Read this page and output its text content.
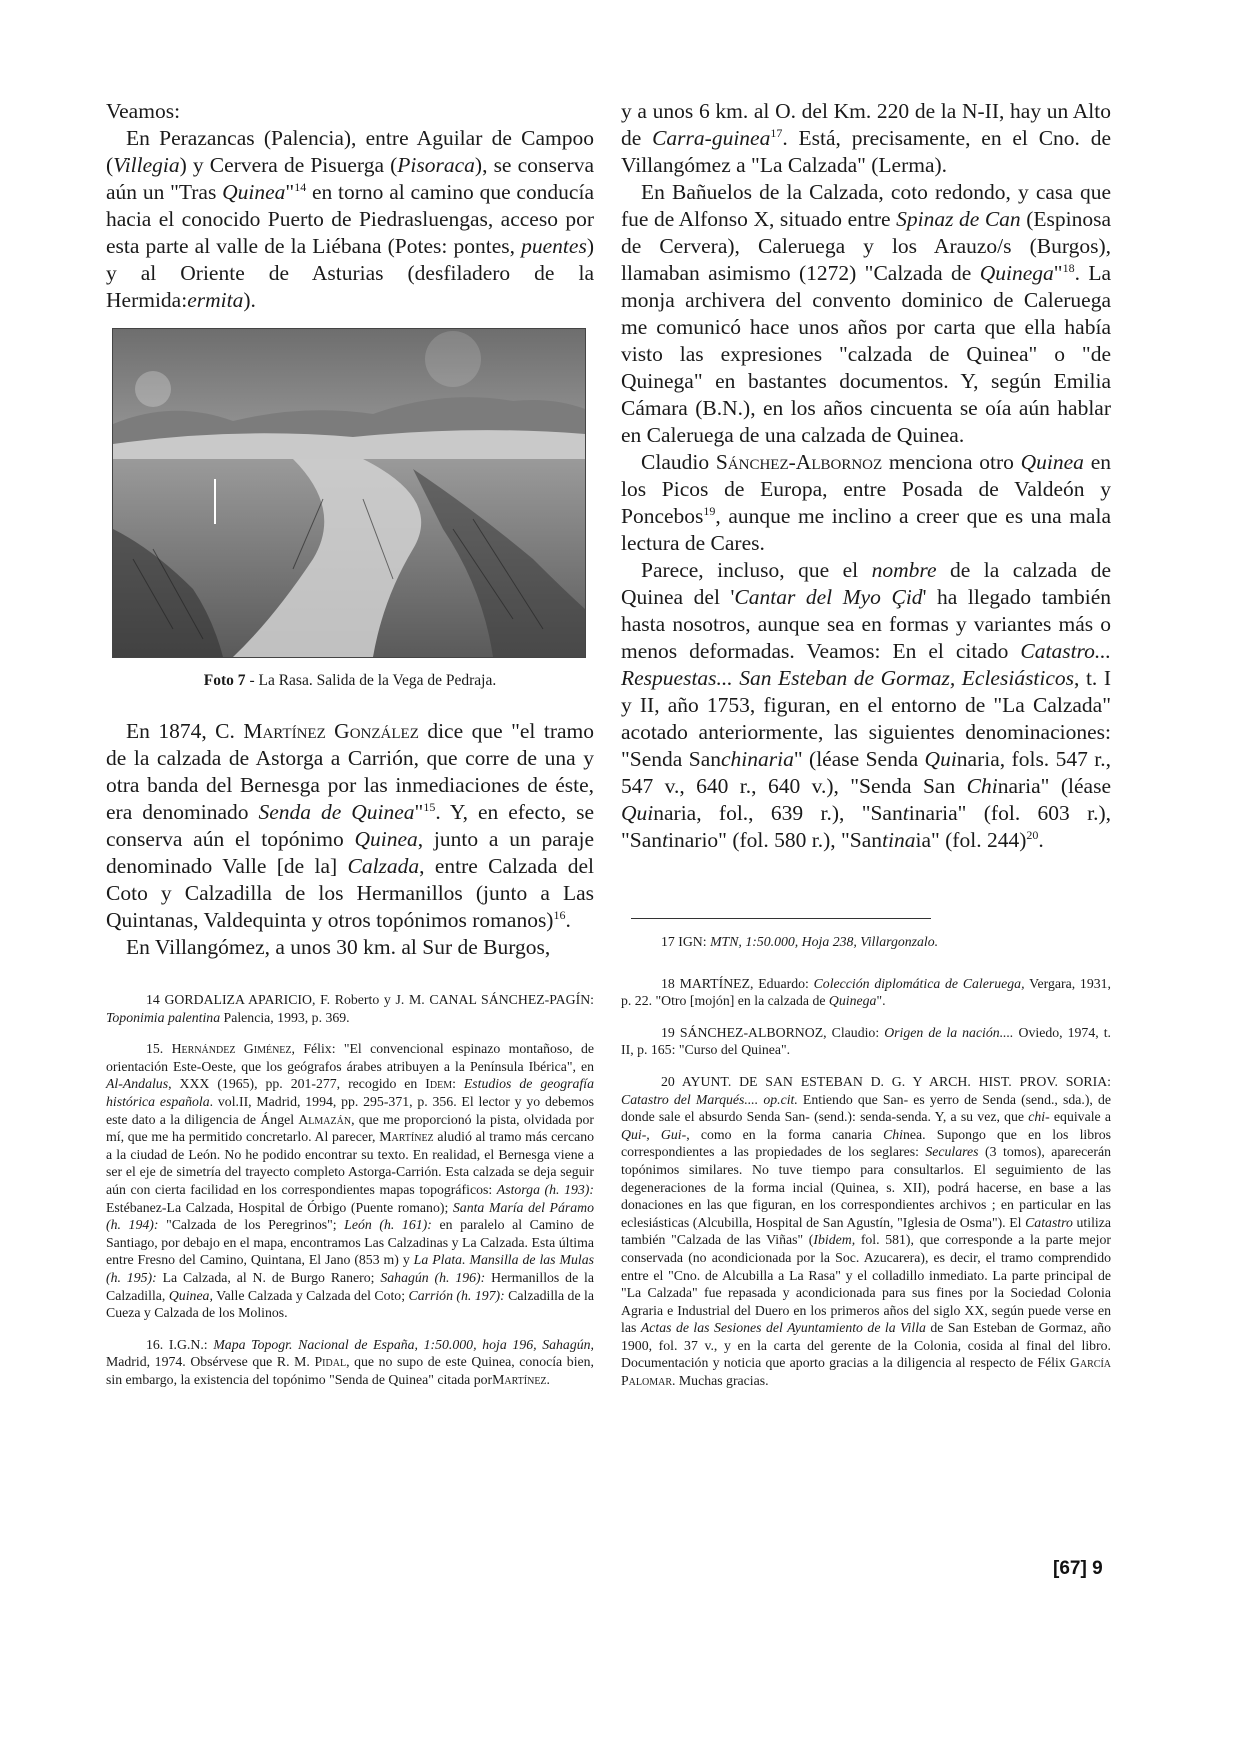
Veamos:

En Perazancas (Palencia), entre Aguilar de Campoo (Villegia) y Cervera de Pisuerga (Pisoraca), se conserva aún un "Tras Quinea"$^{14}$ en torno al camino que conducía hacia el conocido Puerto de Piedrasluengas, acceso por esta parte al valle de la Liébana (Potes: pontes, puentes) y al Oriente de Asturias (desfiladero de la Hermida:ermita).

Foto 7 - La Rasa. Salida de la Vega de Pedraja.

En 1874, C. Martínez González dice que "el tramo de la calzada de Astorga a Carrión, que corre de una y otra banda del Bernesga por las inmediaciones de éste, era denominado Senda de Quinea"$^{15}$. Y, en efecto, se conserva aún el topónimo Quinea, junto a un paraje denominado Valle [de la] Calzada, entre Calzada del Coto y Calzadilla de los Hermanillos (junto a Las Quintanas, Valdequinta y otros topónimos romanos)$^{16}$.

En Villangómez, a unos 30 km. al Sur de Burgos,

14 GORDALIZA APARICIO, F. Roberto y J. M. CANAL SÁNCHEZ-PAGÍN: Toponimia palentina Palencia, 1993, p. 369.

15. Hernández Giménez, Félix: "El convencional espinazo montañoso, de orientación Este-Oeste, que los geógrafos árabes atribuyen a la Península Ibérica", en Al-Andalus, XXX (1965), pp. 201-277, recogido en Idem: Estudios de geografía histórica española. vol.II, Madrid, 1994, pp. 295-371, p. 356. El lector y yo debemos este dato a la diligencia de Ángel Almazán, que me proporcionó la pista, olvidada por mí, que me ha permitido concretarlo. Al parecer, Martínez aludió al tramo más cercano a la ciudad de León. No he podido encontrar su texto. En realidad, el Bernesga viene a ser el eje de simetría del trayecto completo Astorga-Carrión. Esta calzada se deja seguir aún con cierta facilidad en los correspondientes mapas topográficos: Astorga (h. 193): Estébanez-La Calzada, Hospital de Órbigo (Puente romano); Santa María del Páramo (h. 194): "Calzada de los Peregrinos"; León (h. 161): en paralelo al Camino de Santiago, por debajo en el mapa, encontramos Las Calzadinas y La Calzada. Esta última entre Fresno del Camino, Quintana, El Jano (853 m) y La Plata. Mansilla de las Mulas (h. 195): La Calzada, al N. de Burgo Ranero; Sahagún (h. 196): Hermanillos de la Calzadilla, Quinea, Valle Calzada y Calzada del Coto; Carrión (h. 197): Calzadilla de la Cueza y Calzada de los Molinos.

16. I.G.N.: Mapa Topogr. Nacional de España, 1:50.000, hoja 196, Sahagún, Madrid, 1974. Obsérvese que R. M. Pidal, que no supo de este Quinea, conocía bien, sin embargo, la existencia del topónimo "Senda de Quinea" citada porMartínez.

y a unos 6 km. al O. del Km. 220 de la N-II, hay un Alto de Carra-guinea$^{17}$. Está, precisamente, en el Cno. de Villangómez a "La Calzada" (Lerma).

En Bañuelos de la Calzada, coto redondo, y casa que fue de Alfonso X, situado entre Spinaz de Can (Espinosa de Cervera), Caleruega y los Arauzo/s (Burgos), llamaban asimismo (1272) "Calzada de Quinega"$^{18}$. La monja archivera del convento dominico de Caleruega me comunicó hace unos años por carta que ella había visto las expresiones "calzada de Quinea" o "de Quinega" en bastantes documentos. Y, según Emilia Cámara (B.N.), en los años cincuenta se oía aún hablar en Caleruega de una calzada de Quinea.

Claudio Sánchez-Albornoz menciona otro Quinea en los Picos de Europa, entre Posada de Valdeón y Poncebos$^{19}$, aunque me inclino a creer que es una mala lectura de Cares.

Parece, incluso, que el nombre de la calzada de Quinea del 'Cantar del Myo Çid' ha llegado también hasta nosotros, aunque sea en formas y variantes más o menos deformadas. Veamos: En el citado Catastro... Respuestas... San Esteban de Gormaz, Eclesiásticos, t. I y II, año 1753, figuran, en el entorno de "La Calzada" acotado anteriormente, las siguientes denominaciones: "Senda Sanchinaria" (léase Senda Quinaria, fols. 547 r., 547 v., 640 r., 640 v.), "Senda San Chinaria" (léase Quinaria, fol., 639 r.), "Santinaria" (fol. 603 r.), "Santinario" (fol. 580 r.), "Santinaia" (fol. 244)$^{20}$.

17 IGN: MTN, 1:50.000, Hoja 238, Villargonzalo.

18 MARTÍNEZ, Eduardo: Colección diplomática de Caleruega, Vergara, 1931, p. 22. "Otro [mojón] en la calzada de Quinega".

19 SÁNCHEZ-ALBORNOZ, Claudio: Origen de la nación.... Oviedo, 1974, t. II, p. 165: "Curso del Quinea".

20 AYUNT. DE SAN ESTEBAN D. G. Y ARCH. HIST. PROV. SORIA: Catastro del Marqués.... op.cit. Entiendo que San- es yerro de Senda (send., sda.), de donde sale el absurdo Senda San- (send.): senda-senda. Y, a su vez, que chi- equivale a Qui-, Gui-, como en la forma canaria Chinea. Supongo que en los libros correspondientes a las propiedades de los seglares: Seculares (3 tomos), aparecerán topónimos similares. No tuve tiempo para consultarlos. El seguimiento de las degeneraciones de la forma incial (Quinea, s. XII), podrá hacerse, en base a las donaciones en las que figuran, en los correspondientes archivos ; en particular en las eclesiásticas (Alcubilla, Hospital de San Agustín, "Iglesia de Osma"). El Catastro utiliza también "Calzada de las Viñas" (Ibidem, fol. 581), que corresponde a la parte mejor conservada (no acondicionada por la Soc. Azucarera), es decir, el tramo comprendido entre el "Cno. de Alcubilla a La Rasa" y el colladillo inmediato. La parte principal de "La Calzada" fue repasada y acondicionada para sus fines por la Sociedad Colonia Agraria e Industrial del Duero en los primeros años del siglo XX, según puede verse en las Actas de las Sesiones del Ayuntamiento de la Villa de San Esteban de Gormaz, año 1900, fol. 37 v., y en la carta del gerente de la Colonia, cosida al final del libro. Documentación y noticia que aporto gracias a la diligencia al respecto de Félix García Palomar. Muchas gracias.

[67] 9
